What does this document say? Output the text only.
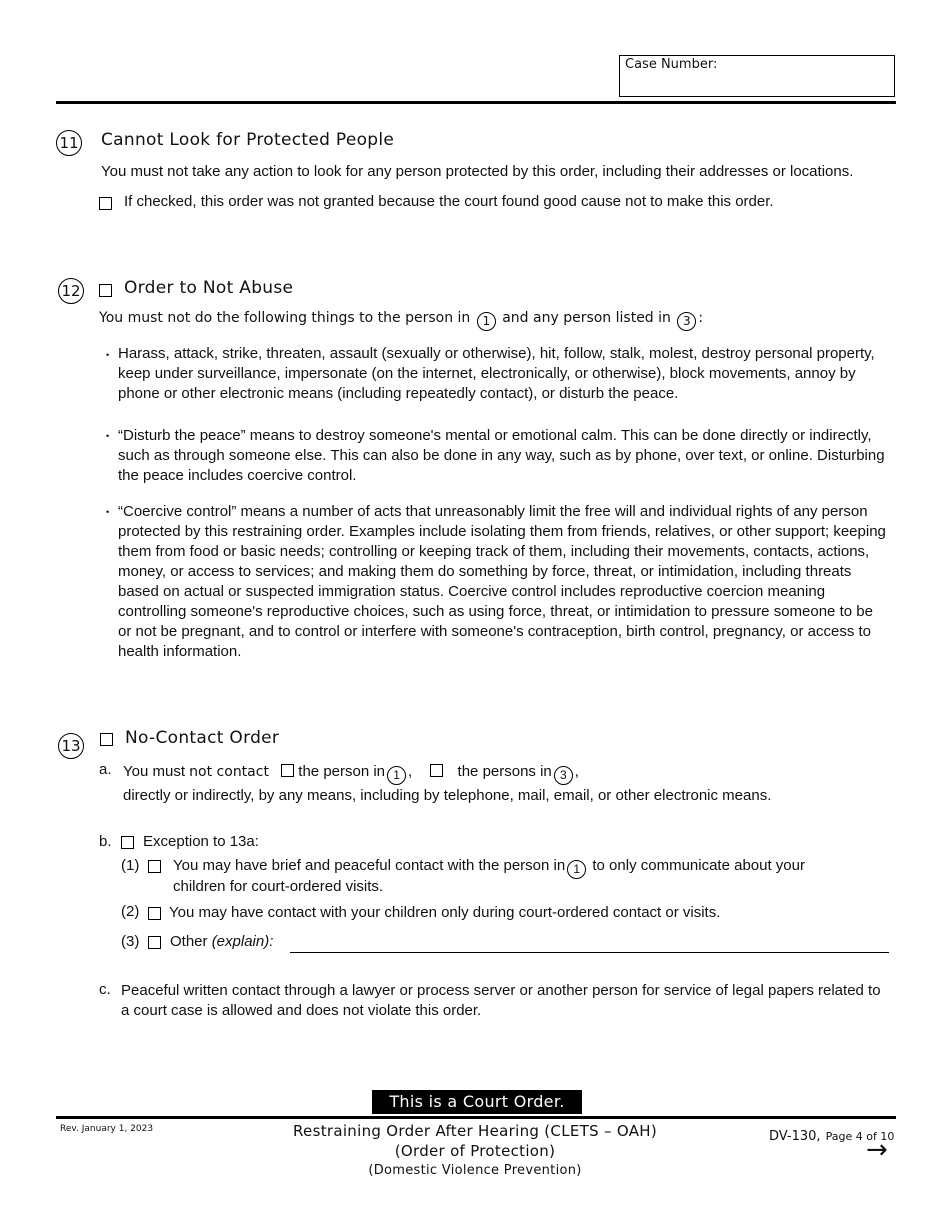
Case Number:
11 Cannot Look for Protected People
You must not take any action to look for any person protected by this order, including their addresses or locations.
If checked, this order was not granted because the court found good cause not to make this order.
12	Order to Not Abuse
You must not do the following things to the person in 1 and any person listed in 3 :
• Harass, attack, strike, threaten, assault (sexually or otherwise), hit, follow, stalk, molest, destroy personal property, keep under surveillance, impersonate (on the internet, electronically, or otherwise), block movements, annoy by phone or other electronic means (including repeatedly contact), or disturb the peace.
• “Disturb the peace” means to destroy someone's mental or emotional calm. This can be done directly or indirectly, such as through someone else. This can also be done in any way, such as by phone, over text, or online. Disturbing the peace includes coercive control.
• “Coercive control” means a number of acts that unreasonably limit the free will and individual rights of any person protected by this restraining order. Examples include isolating them from friends, relatives, or other support; keeping them from food or basic needs; controlling or keeping track of them, including their movements, contacts, actions, money, or access to services; and making them do something by force, threat, or intimidation, including threats based on actual or suspected immigration status. Coercive control includes reproductive coercion meaning controlling someone's reproductive choices, such as using force, threat, or intimidation to pressure someone to be or not be pregnant, and to control or interfere with someone's contraception, birth control, pregnancy, or access to health information.
13	No-Contact Order
a. You must not contact the person in 1 ,	the persons in 3 ,
directly or indirectly, by any means, including by telephone, mail, email, or other electronic means.
b. Exception to 13a:
(1) You may have brief and peaceful contact with the person in 1 to only communicate about your
children for court-ordered visits.
(2) You may have contact with your children only during court-ordered contact or visits.
(3) Other (explain):
c. Peaceful written contact through a lawyer or process server or another person for service of legal papers related to a court case is allowed and does not violate this order.
This is a Court Order.
Rev. January 1, 2023	Restraining Order After Hearing (CLETS – OAH)
(Order of Protection)
(Domestic Violence Prevention)
DV-130, Page 4 of 10
→
